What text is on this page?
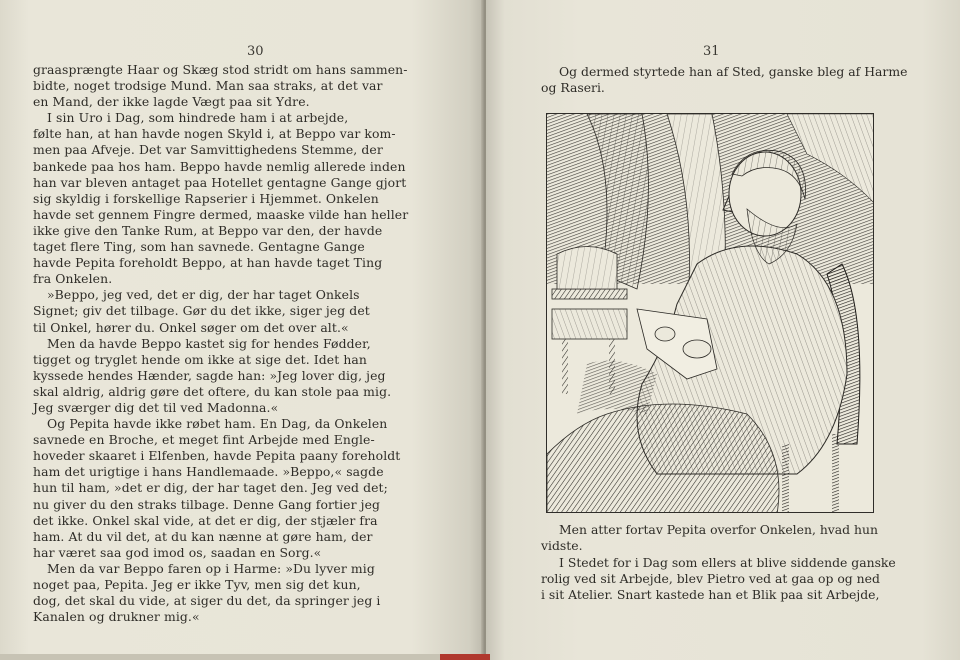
30
graasprængte Haar og Skæg stod stridt om hans sammen-
bidte, noget trodsige Mund. Man saa straks, at det var
en Mand, der ikke lagde Vægt paa sit Ydre.
I sin Uro i Dag, som hindrede ham i at arbejde,
følte han, at han havde nogen Skyld i, at Beppo var kom-
men paa Afveje. Det var Samvittighedens Stemme, der
bankede paa hos ham. Beppo havde nemlig allerede inden
han var bleven antaget paa Hotellet gentagne Gange gjort
sig skyldig i forskellige Rapserier i Hjemmet. Onkelen
havde set gennem Fingre dermed, maaske vilde han heller
ikke give den Tanke Rum, at Beppo var den, der havde
taget flere Ting, som han savnede. Gentagne Gange
havde Pepita foreholdt Beppo, at han havde taget Ting
fra Onkelen.
»Beppo, jeg ved, det er dig, der har taget Onkels
Signet; giv det tilbage. Gør du det ikke, siger jeg det
til Onkel, hører du. Onkel søger om det over alt.«
Men da havde Beppo kastet sig for hendes Fødder,
tigget og tryglet hende om ikke at sige det. Idet han
kyssede hendes Hænder, sagde han: »Jeg lover dig, jeg
skal aldrig, aldrig gøre det oftere, du kan stole paa mig.
Jeg sværger dig det til ved Madonna.«
Og Pepita havde ikke røbet ham. En Dag, da Onkelen
savnede en Broche, et meget fint Arbejde med Engle-
hoveder skaaret i Elfenben, havde Pepita paany foreholdt
ham det urigtige i hans Handlemaade. »Beppo,« sagde
hun til ham, »det er dig, der har taget den. Jeg ved det;
nu giver du den straks tilbage. Denne Gang fortier jeg
det ikke. Onkel skal vide, at det er dig, der stjæler fra
ham. At du vil det, at du kan nænne at gøre ham, der
har været saa god imod os, saadan en Sorg.«
Men da var Beppo faren op i Harme: »Du lyver mig
noget paa, Pepita. Jeg er ikke Tyv, men sig det kun,
dog, det skal du vide, at siger du det, da springer jeg i
Kanalen og drukner mig.«
31
Og dermed styrtede han af Sted, ganske bleg af Harme
og Raseri.
Men atter fortav Pepita overfor Onkelen, hvad hun
vidste.
I Stedet for i Dag som ellers at blive siddende ganske
rolig ved sit Arbejde, blev Pietro ved at gaa op og ned
i sit Atelier. Snart kastede han et Blik paa sit Arbejde,
